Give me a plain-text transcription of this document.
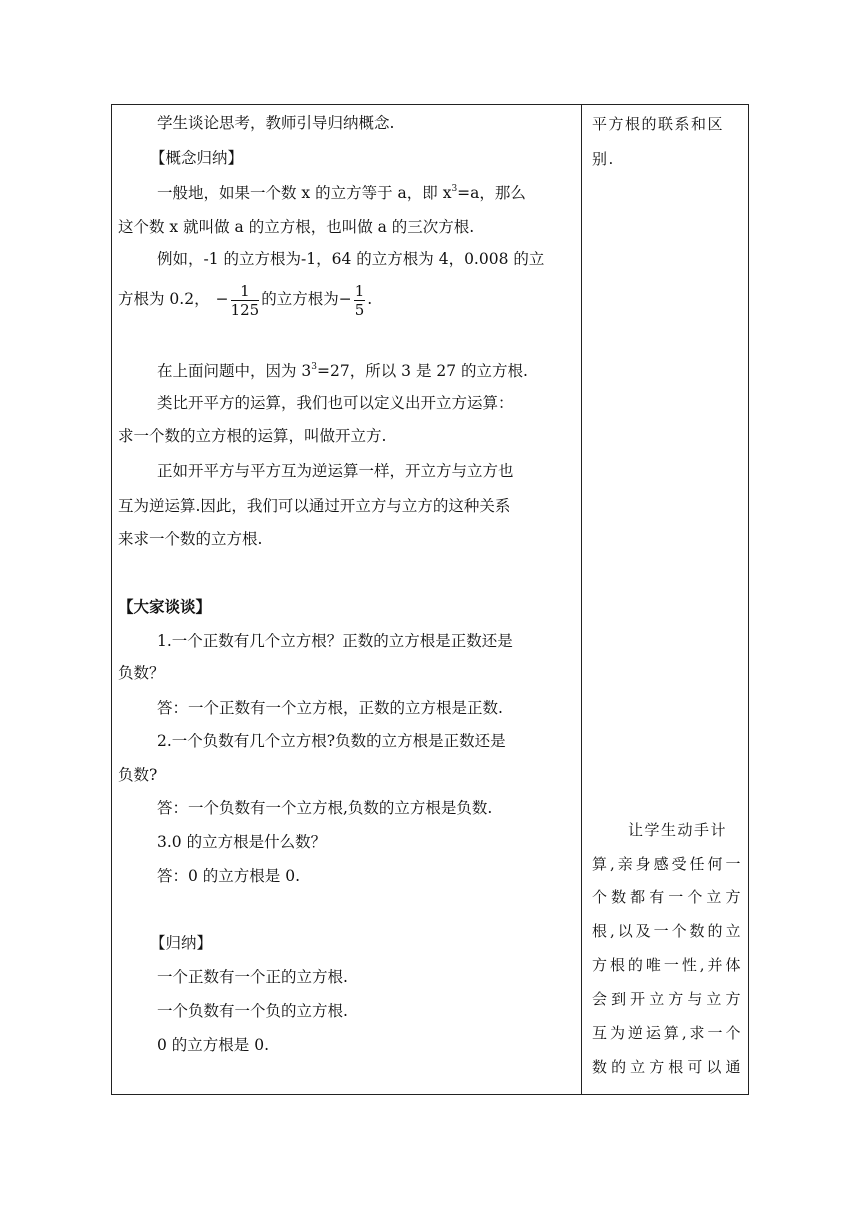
学生谈论思考，教师引导归纳概念.
【概念归纳】
一般地，如果一个数 x 的立方等于 a，即 $x^3=a$，那么
这个数 x 就叫做 a 的立方根，也叫做 a 的三次方根.
例如，-1 的立方根为-1，64 的立方根为 4，0.008 的立
方根为 0.2， − $\frac{1}{125}$ 的立方根为− $\frac{1}{5}$ .
在上面问题中，因为 $3^3=27$，所以 3 是 27 的立方根.
类比开平方的运算，我们也可以定义出开立方运算：
求一个数的立方根的运算，叫做开立方.
正如开平方与平方互为逆运算一样，开立方与立方也
互为逆运算.因此，我们可以通过开立方与立方的这种关系
来求一个数的立方根.
【大家谈谈】
1.一个正数有几个立方根？正数的立方根是正数还是
负数？
答：一个正数有一个立方根，正数的立方根是正数.
2.一个负数有几个立方根?负数的立方根是正数还是
负数?
答：一个负数有一个立方根,负数的立方根是负数.
3.0 的立方根是什么数？
答：0 的立方根是 0.
【归纳】
一个正数有一个正的立方根.
一个负数有一个负的立方根.
0 的立方根是 0.
平方根的联系和区
别.
让学生动手计
算,亲身感受任何一
个数都有一个立方
根,以及一个数的立
方根的唯一性,并体
会到开立方与立方
互为逆运算,求一个
数的立方根可以通
